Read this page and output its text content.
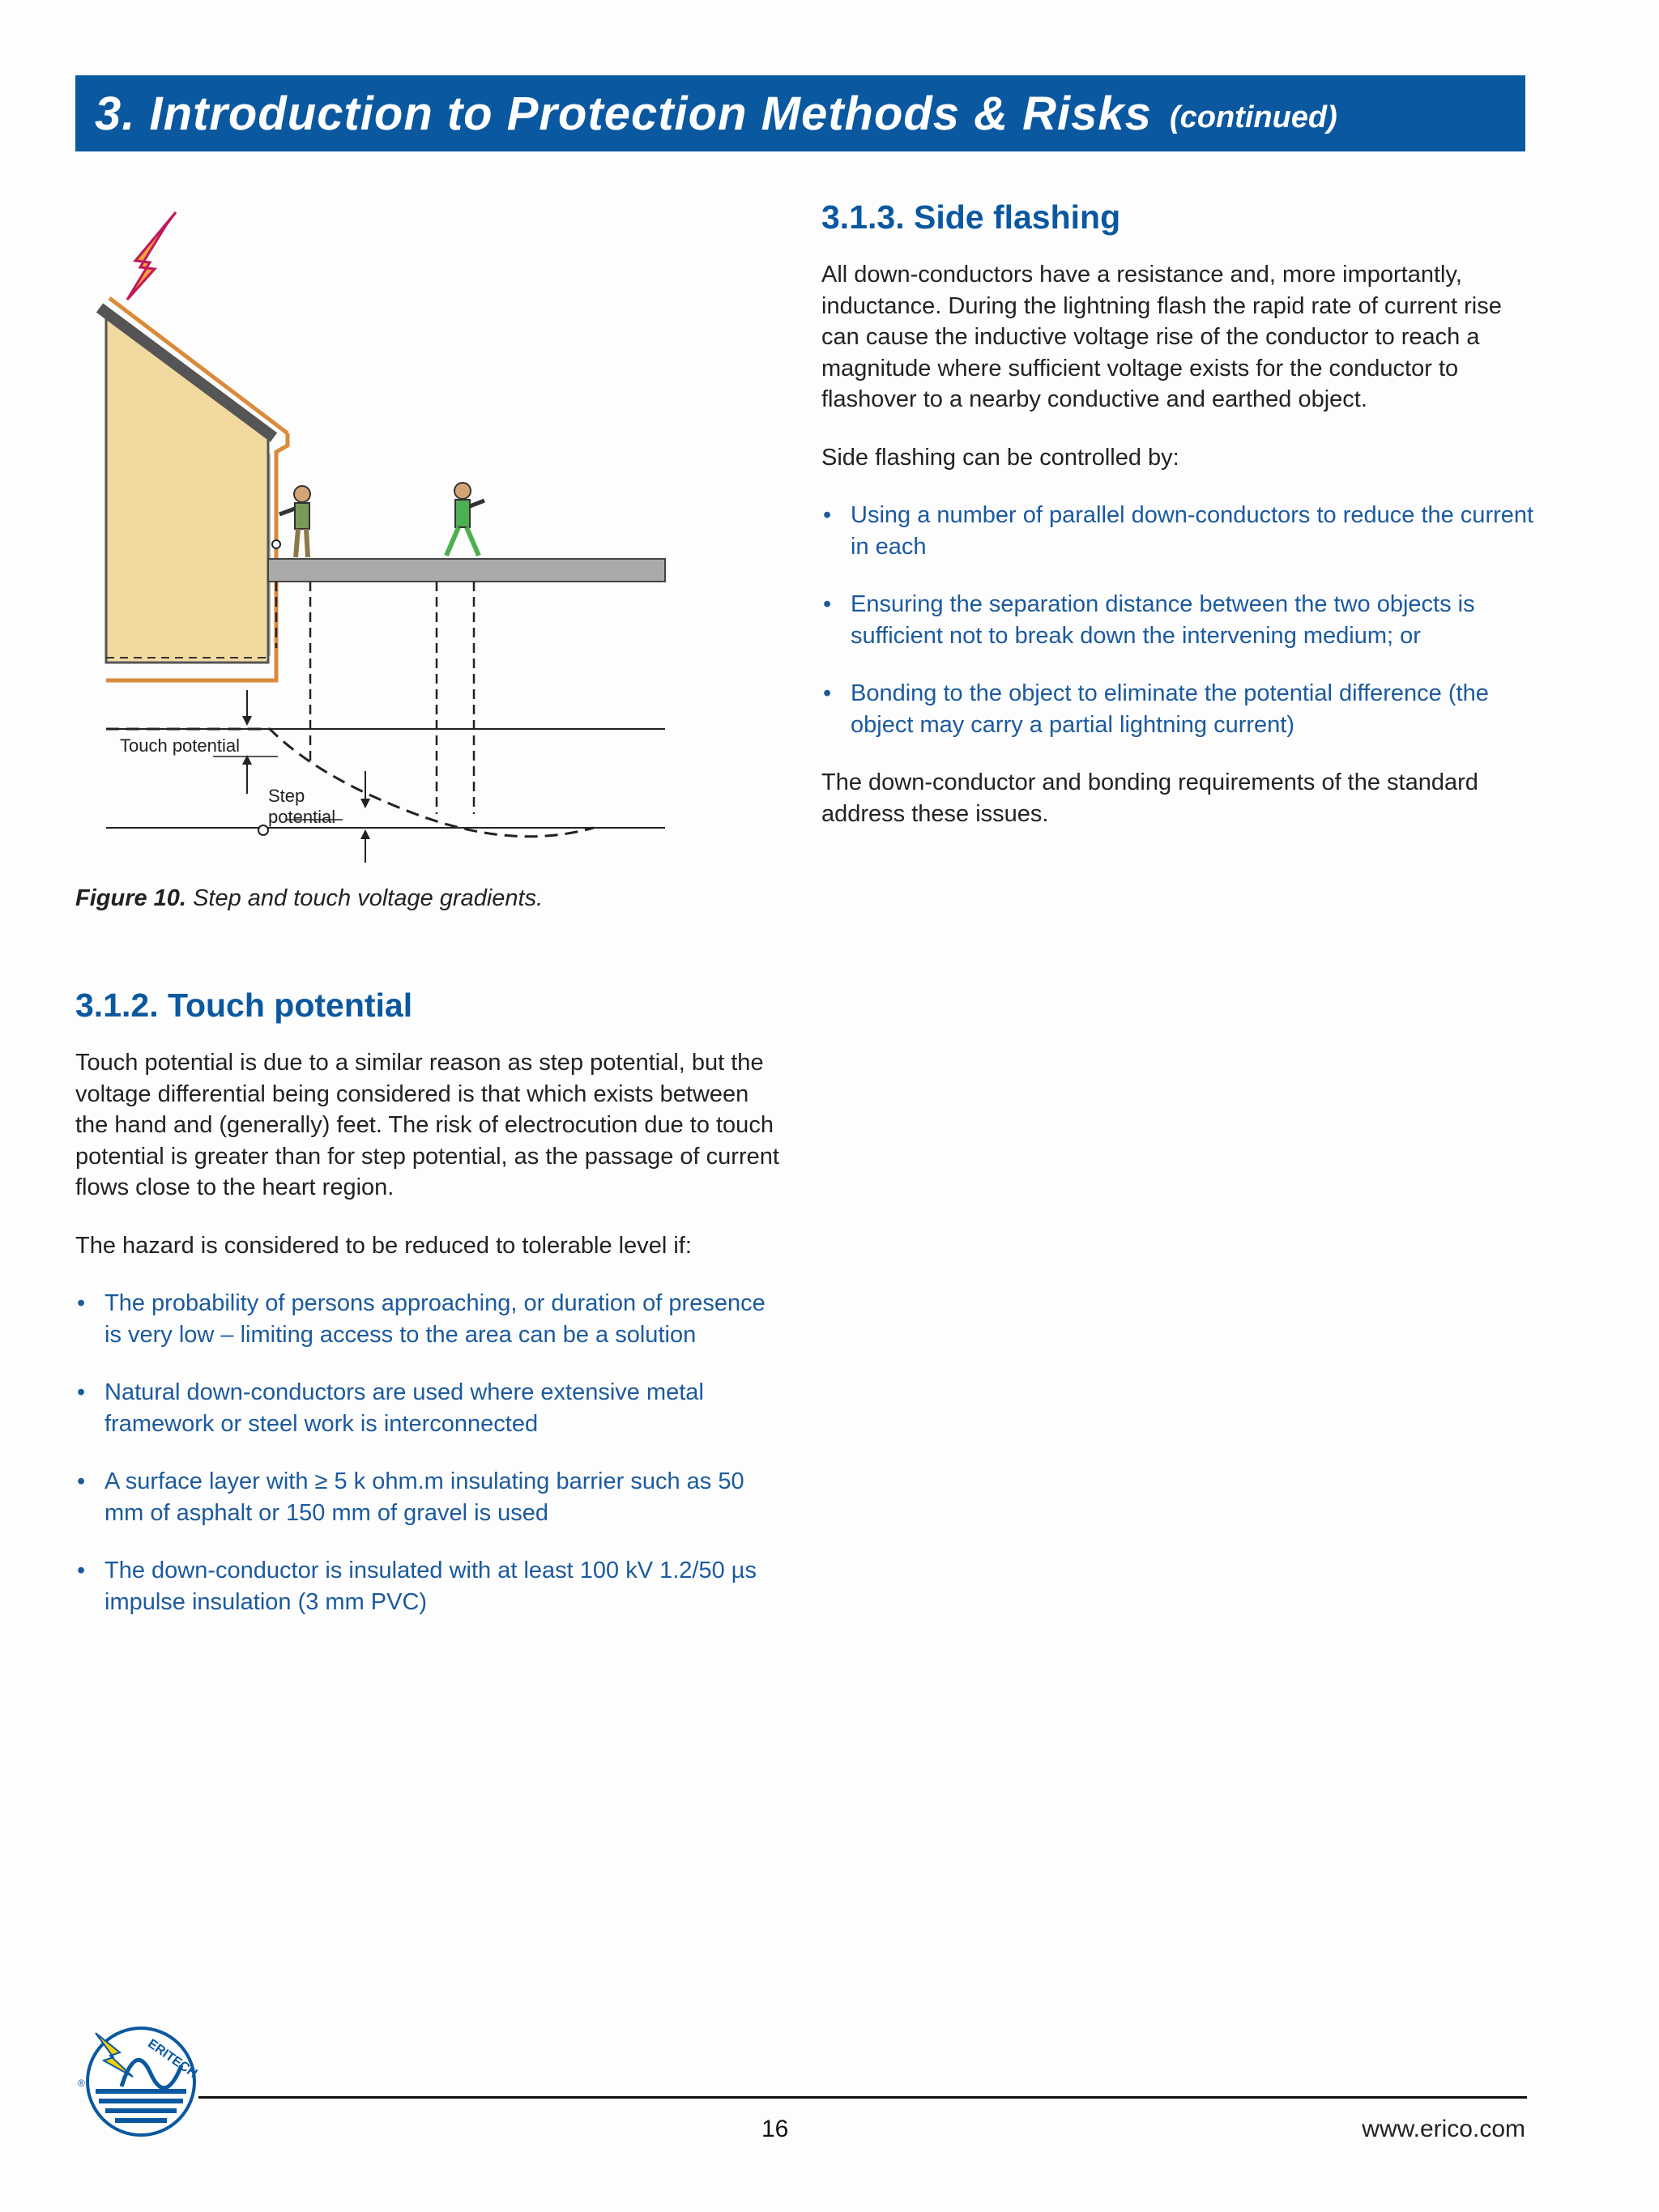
3. Introduction to Protection Methods & Risks (continued)
Touch potential
Step
potential
Figure 10. Step and touch voltage gradients.
3.1.2. Touch potential

Touch potential is due to a similar reason as step potential, but the voltage differential being considered is that which exists between the hand and (generally) feet. The risk of electrocution due to touch potential is greater than for step potential, as the passage of current flows close to the heart region.

The hazard is considered to be reduced to tolerable level if:

• The probability of persons approaching, or duration of presence is very low – limiting access to the area can be a solution
• Natural down-conductors are used where extensive metal framework or steel work is interconnected
• A surface layer with ≥ 5 k ohm.m insulating barrier such as 50 mm of asphalt or 150 mm of gravel is used
• The down-conductor is insulated with at least 100 kV 1.2/50 µs impulse insulation (3 mm PVC)
3.1.3. Side flashing

All down-conductors have a resistance and, more importantly, inductance. During the lightning flash the rapid rate of current rise can cause the inductive voltage rise of the conductor to reach a magnitude where sufficient voltage exists for the conductor to flashover to a nearby conductive and earthed object.

Side flashing can be controlled by:

• Using a number of parallel down-conductors to reduce the current in each
• Ensuring the separation distance between the two objects is sufficient not to break down the intervening medium; or
• Bonding to the object to eliminate the potential difference (the object may carry a partial lightning current)

The down-conductor and bonding requirements of the standard address these issues.

ERITECH
®
16	www.erico.com
